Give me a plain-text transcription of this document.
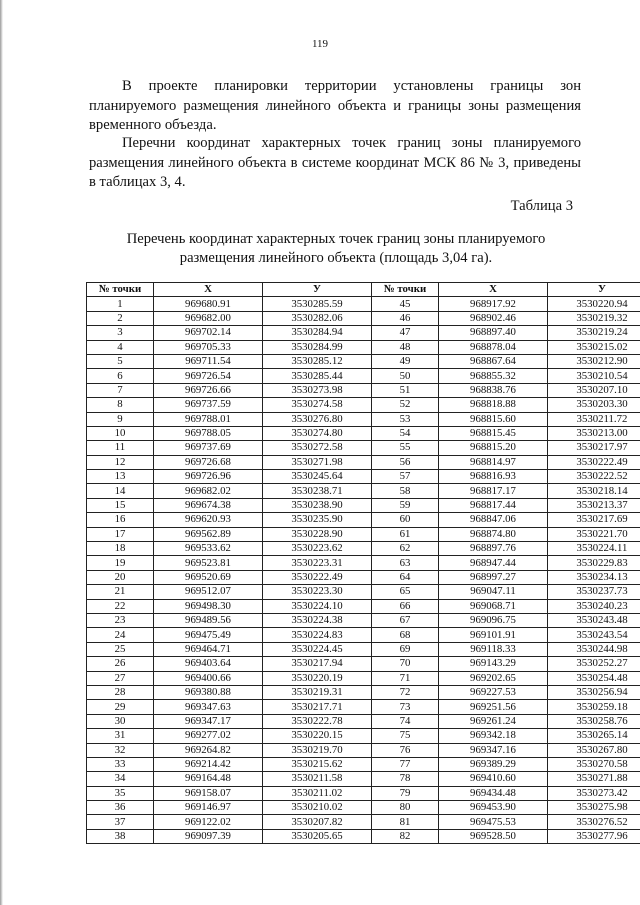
119

В проекте планировки территории установлены границы зон планируемого размещения линейного объекта и границы зоны размещения временного объезда.

Перечни координат характерных точек границ зоны планируемого размещения линейного объекта в системе координат МСК 86 № 3, приведены в таблицах 3, 4.

Таблица 3

Перечень координат характерных точек границ зоны планируемого
размещения линейного объекта (площадь 3,04 га).

№ точки	Х	У	№ точки	Х	У
1	969680.91	3530285.59	45	968917.92	3530220.94
2	969682.00	3530282.06	46	968902.46	3530219.32
3	969702.14	3530284.94	47	968897.40	3530219.24
4	969705.33	3530284.99	48	968878.04	3530215.02
5	969711.54	3530285.12	49	968867.64	3530212.90
6	969726.54	3530285.44	50	968855.32	3530210.54
7	969726.66	3530273.98	51	968838.76	3530207.10
8	969737.59	3530274.58	52	968818.88	3530203.30
9	969788.01	3530276.80	53	968815.60	3530211.72
10	969788.05	3530274.80	54	968815.45	3530213.00
11	969737.69	3530272.58	55	968815.20	3530217.97
12	969726.68	3530271.98	56	968814.97	3530222.49
13	969726.96	3530245.64	57	968816.93	3530222.52
14	969682.02	3530238.71	58	968817.17	3530218.14
15	969674.38	3530238.90	59	968817.44	3530213.37
16	969620.93	3530235.90	60	968847.06	3530217.69
17	969562.89	3530228.90	61	968874.80	3530221.70
18	969533.62	3530223.62	62	968897.76	3530224.11
19	969523.81	3530223.31	63	968947.44	3530229.83
20	969520.69	3530222.49	64	968997.27	3530234.13
21	969512.07	3530223.30	65	969047.11	3530237.73
22	969498.30	3530224.10	66	969068.71	3530240.23
23	969489.56	3530224.38	67	969096.75	3530243.48
24	969475.49	3530224.83	68	969101.91	3530243.54
25	969464.71	3530224.45	69	969118.33	3530244.98
26	969403.64	3530217.94	70	969143.29	3530252.27
27	969400.66	3530220.19	71	969202.65	3530254.48
28	969380.88	3530219.31	72	969227.53	3530256.94
29	969347.63	3530217.71	73	969251.56	3530259.18
30	969347.17	3530222.78	74	969261.24	3530258.76
31	969277.02	3530220.15	75	969342.18	3530265.14
32	969264.82	3530219.70	76	969347.16	3530267.80
33	969214.42	3530215.62	77	969389.29	3530270.58
34	969164.48	3530211.58	78	969410.60	3530271.88
35	969158.07	3530211.02	79	969434.48	3530273.42
36	969146.97	3530210.02	80	969453.90	3530275.98
37	969122.02	3530207.82	81	969475.53	3530276.52
38	969097.39	3530205.65	82	969528.50	3530277.96
